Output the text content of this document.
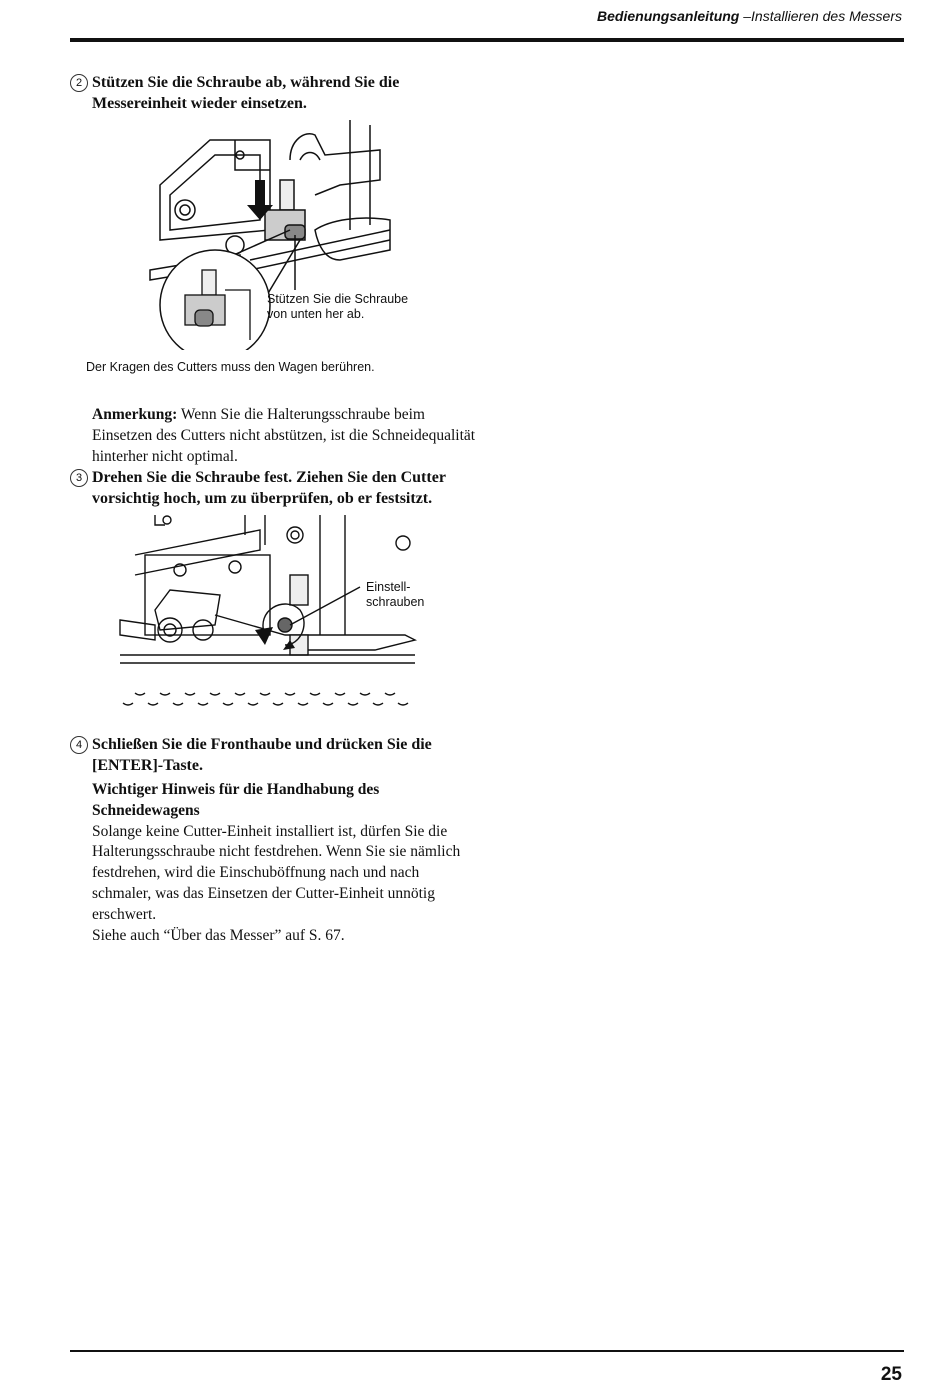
Bedienungsanleitung –Installieren des Messers
2 Stützen Sie die Schraube ab, während Sie die Messereinheit wieder einsetzen.
Stützen Sie die Schraube
von unten her ab.
Der Kragen des Cutters muss den Wagen berühren.
Anmerkung: Wenn Sie die Halterungsschraube beim Einsetzen des Cutters nicht abstützen, ist die Schneidequalität hinterher nicht optimal.
3 Drehen Sie die Schraube fest. Ziehen Sie den Cutter vorsichtig hoch, um zu überprüfen, ob er festsitzt.
Einstell-
schrauben
4 Schließen Sie die Fronthaube und drücken Sie die [ENTER]-Taste.
Wichtiger Hinweis für die Handhabung des Schneidewagens
Solange keine Cutter-Einheit installiert ist, dürfen Sie die Halterungsschraube nicht festdrehen. Wenn Sie sie nämlich festdrehen, wird die Einschuböffnung nach und nach schmaler, was das Einsetzen der Cutter-Einheit unnötig erschwert.
Siehe auch “Über das Messer” auf S. 67.
25
